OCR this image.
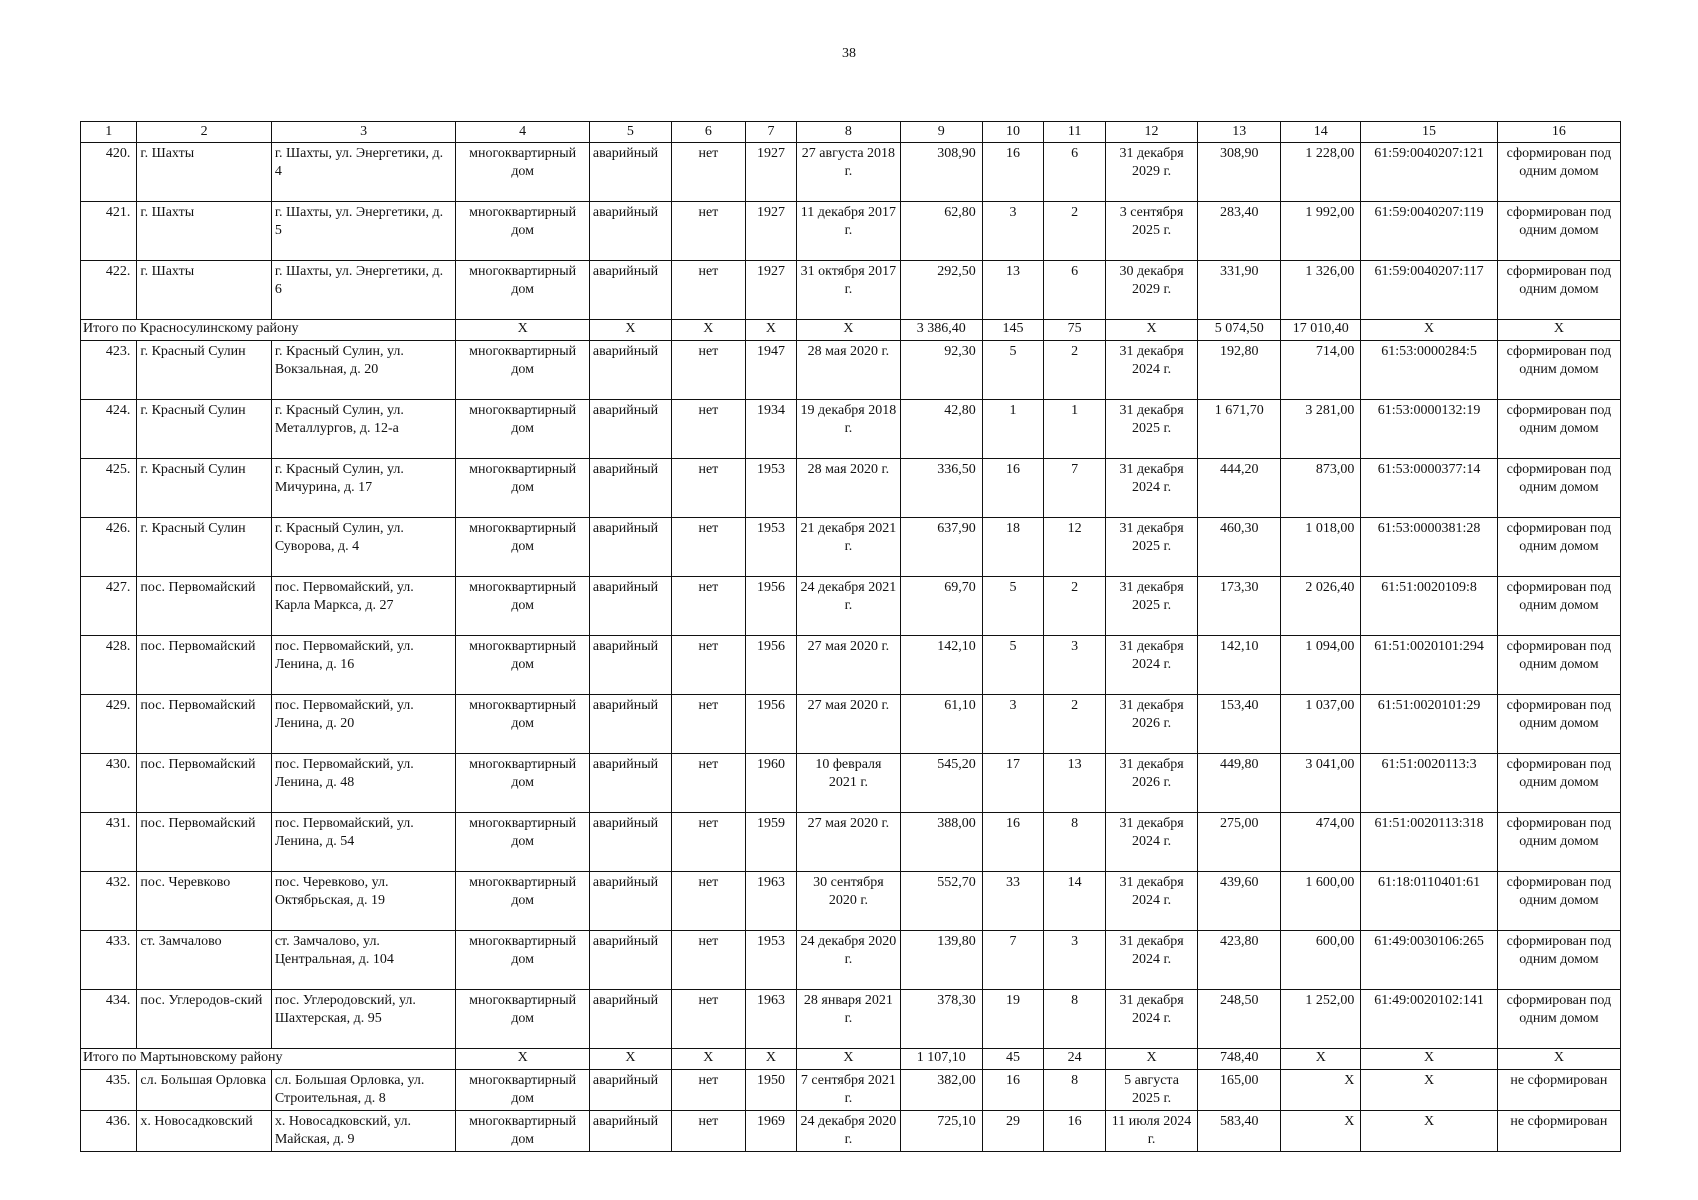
38
1	2	3	4	5	6	7	8	9	10	11	12	13	14	15	16
420.	г. Шахты	г. Шахты, ул. Энергетики, д. 4	многоквартирный дом	аварийный	нет	1927	27 августа 2018 г.	308,90	16	6	31 декабря 2029 г.	308,90	1 228,00	61:59:0040207:121	сформирован под одним домом
421.	г. Шахты	г. Шахты, ул. Энергетики, д. 5	многоквартирный дом	аварийный	нет	1927	11 декабря 2017 г.	62,80	3	2	3 сентября 2025 г.	283,40	1 992,00	61:59:0040207:119	сформирован под одним домом
422.	г. Шахты	г. Шахты, ул. Энергетики, д. 6	многоквартирный дом	аварийный	нет	1927	31 октября 2017 г.	292,50	13	6	30 декабря 2029 г.	331,90	1 326,00	61:59:0040207:117	сформирован под одним домом
Итого по Красносулинскому району			X	X	X	X	X	3 386,40	145	75	X	5 074,50	17 010,40	X	X
423.	г. Красный Сулин	г. Красный Сулин, ул. Вокзальная, д. 20	многоквартирный дом	аварийный	нет	1947	28 мая 2020 г.	92,30	5	2	31 декабря 2024 г.	192,80	714,00	61:53:0000284:5	сформирован под одним домом
424.	г. Красный Сулин	г. Красный Сулин, ул. Металлургов, д. 12-а	многоквартирный дом	аварийный	нет	1934	19 декабря 2018 г.	42,80	1	1	31 декабря 2025 г.	1 671,70	3 281,00	61:53:0000132:19	сформирован под одним домом
425.	г. Красный Сулин	г. Красный Сулин, ул. Мичурина, д. 17	многоквартирный дом	аварийный	нет	1953	28 мая 2020 г.	336,50	16	7	31 декабря 2024 г.	444,20	873,00	61:53:0000377:14	сформирован под одним домом
426.	г. Красный Сулин	г. Красный Сулин, ул. Суворова, д. 4	многоквартирный дом	аварийный	нет	1953	21 декабря 2021 г.	637,90	18	12	31 декабря 2025 г.	460,30	1 018,00	61:53:0000381:28	сформирован под одним домом
427.	пос. Первомайский	пос. Первомайский, ул. Карла Маркса, д. 27	многоквартирный дом	аварийный	нет	1956	24 декабря 2021 г.	69,70	5	2	31 декабря 2025 г.	173,30	2 026,40	61:51:0020109:8	сформирован под одним домом
428.	пос. Первомайский	пос. Первомайский, ул. Ленина, д. 16	многоквартирный дом	аварийный	нет	1956	27 мая 2020 г.	142,10	5	3	31 декабря 2024 г.	142,10	1 094,00	61:51:0020101:294	сформирован под одним домом
429.	пос. Первомайский	пос. Первомайский, ул. Ленина, д. 20	многоквартирный дом	аварийный	нет	1956	27 мая 2020 г.	61,10	3	2	31 декабря 2026 г.	153,40	1 037,00	61:51:0020101:29	сформирован под одним домом
430.	пос. Первомайский	пос. Первомайский, ул. Ленина, д. 48	многоквартирный дом	аварийный	нет	1960	10 февраля 2021 г.	545,20	17	13	31 декабря 2026 г.	449,80	3 041,00	61:51:0020113:3	сформирован под одним домом
431.	пос. Первомайский	пос. Первомайский, ул. Ленина, д. 54	многоквартирный дом	аварийный	нет	1959	27 мая 2020 г.	388,00	16	8	31 декабря 2024 г.	275,00	474,00	61:51:0020113:318	сформирован под одним домом
432.	пос. Черевково	пос. Черевково, ул. Октябрьская, д. 19	многоквартирный дом	аварийный	нет	1963	30 сентября 2020 г.	552,70	33	14	31 декабря 2024 г.	439,60	1 600,00	61:18:0110401:61	сформирован под одним домом
433.	ст. Замчалово	ст. Замчалово, ул. Центральная, д. 104	многоквартирный дом	аварийный	нет	1953	24 декабря 2020 г.	139,80	7	3	31 декабря 2024 г.	423,80	600,00	61:49:0030106:265	сформирован под одним домом
434.	пос. Углеродов-ский	пос. Углеродовский, ул. Шахтерская, д. 95	многоквартирный дом	аварийный	нет	1963	28 января 2021 г.	378,30	19	8	31 декабря 2024 г.	248,50	1 252,00	61:49:0020102:141	сформирован под одним домом
Итого по Мартыновскому району			X	X	X	X	X	1 107,10	45	24	X	748,40	X	X	X
435.	сл. Большая Орловка	сл. Большая Орловка, ул. Строительная, д. 8	многоквартирный дом	аварийный	нет	1950	7 сентября 2021 г.	382,00	16	8	5 августа 2025 г.	165,00	X	X	не сформирован
436.	х. Новосадковский	х. Новосадковский, ул. Майская, д. 9	многоквартирный дом	аварийный	нет	1969	24 декабря 2020 г.	725,10	29	16	11 июля 2024 г.	583,40	X	X	не сформирован
